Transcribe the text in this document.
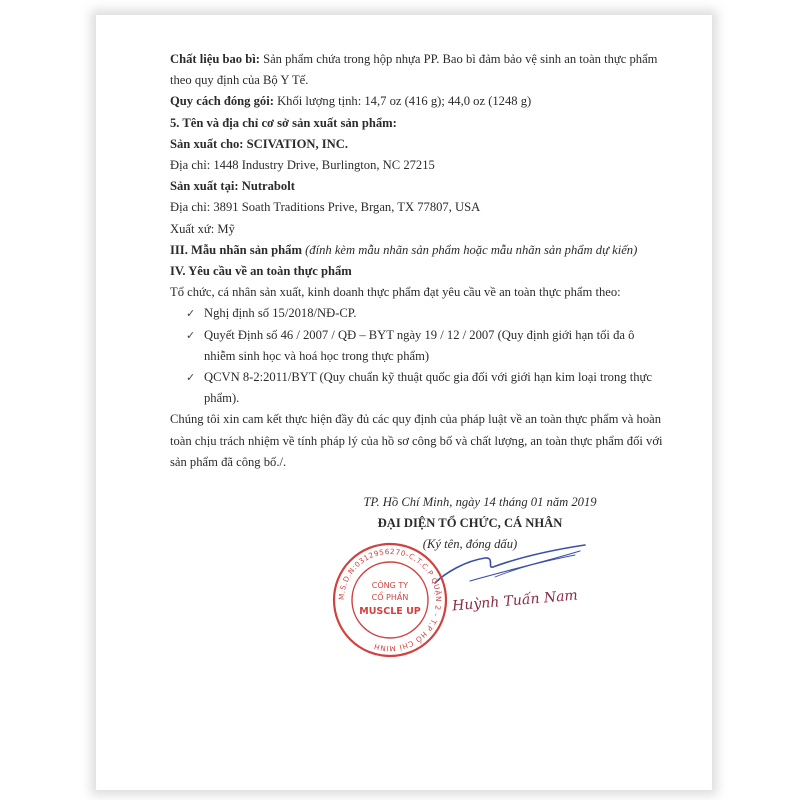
Chất liệu bao bì: Sản phẩm chứa trong hộp nhựa PP. Bao bì đảm bảo vệ sinh an toàn thực phẩm
theo quy định của Bộ Y Tế.

Quy cách đóng gói: Khối lượng tịnh: 14,7 oz (416 g); 44,0 oz (1248 g)

5. Tên và địa chỉ cơ sở sản xuất sản phẩm:

Sản xuất cho: SCIVATION, INC.

Địa chỉ: 1448 Industry Drive, Burlington, NC 27215

Sản xuất tại: Nutrabolt

Địa chỉ: 3891 Soath Traditions Prive, Brgan, TX 77807, USA

Xuất xứ: Mỹ

III. Mẫu nhãn sản phẩm (đính kèm mẫu nhãn sản phẩm hoặc mẫu nhãn sản phẩm dự kiến)

IV. Yêu cầu về an toàn thực phẩm

Tổ chức, cá nhân sản xuất, kinh doanh thực phẩm đạt yêu cầu về an toàn thực phẩm theo:

✓ Nghị định số 15/2018/NĐ-CP.
✓ Quyết Định số 46 / 2007 / QĐ – BYT ngày 19 / 12 / 2007 (Quy định giới hạn tối đa ô
nhiễm sinh học và hoá học trong thực phẩm)
✓ QCVN 8-2:2011/BYT (Quy chuẩn kỹ thuật quốc gia đối với giới hạn kim loại trong thực
phẩm).

Chúng tôi xin cam kết thực hiện đầy đủ các quy định của pháp luật về an toàn thực phẩm và hoàn
toàn chịu trách nhiệm về tính pháp lý của hồ sơ công bố và chất lượng, an toàn thực phẩm đối với
sản phẩm đã công bố./.

TP. Hồ Chí Minh, ngày 14 tháng 01 năm 2019
ĐẠI DIỆN TỔ CHỨC, CÁ NHÂN
(Ký tên, đóng dấu)
M.S.D.N:0312956270-C.T.C.P QUẬN 2 - T.P HỒ CHÍ MINH
CÔNG TY
CỔ PHẦN
MUSCLE UP Huỳnh Tuấn Nam
